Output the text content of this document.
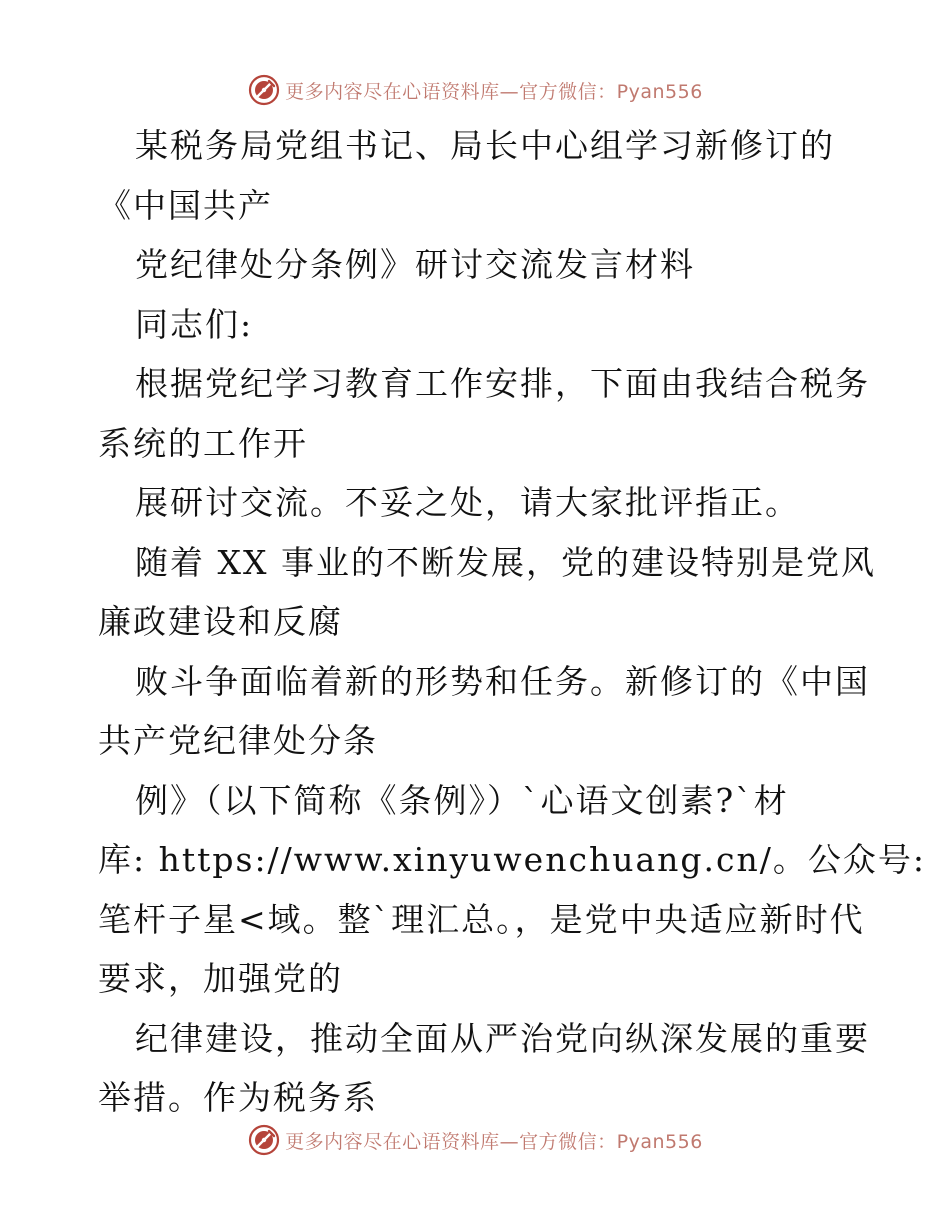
更多内容尽在心语资料库—官方微信：Pyan556

某税务局党组书记、局长中心组学习新修订的

《中国共产

党纪律处分条例》研讨交流发言材料

同志们:

根据党纪学习教育工作安排，下面由我结合税务

系统的工作开

展研讨交流。不妥之处，请大家批评指正。

随着 XX 事业的不断发展，党的建设特别是党风

廉政建设和反腐

败斗争面临着新的形势和任务。新修订的《中国

共产党纪律处分条

例》（以下简称《条例》）`心语文创素?`材

库: https://www.xinyuwenchuang.cn/。公众号:

笔杆子星<域。整`理汇总。，是党中央适应新时代

要求，加强党的

纪律建设，推动全面从严治党向纵深发展的重要

举措。作为税务系

更多内容尽在心语资料库—官方微信：Pyan556
